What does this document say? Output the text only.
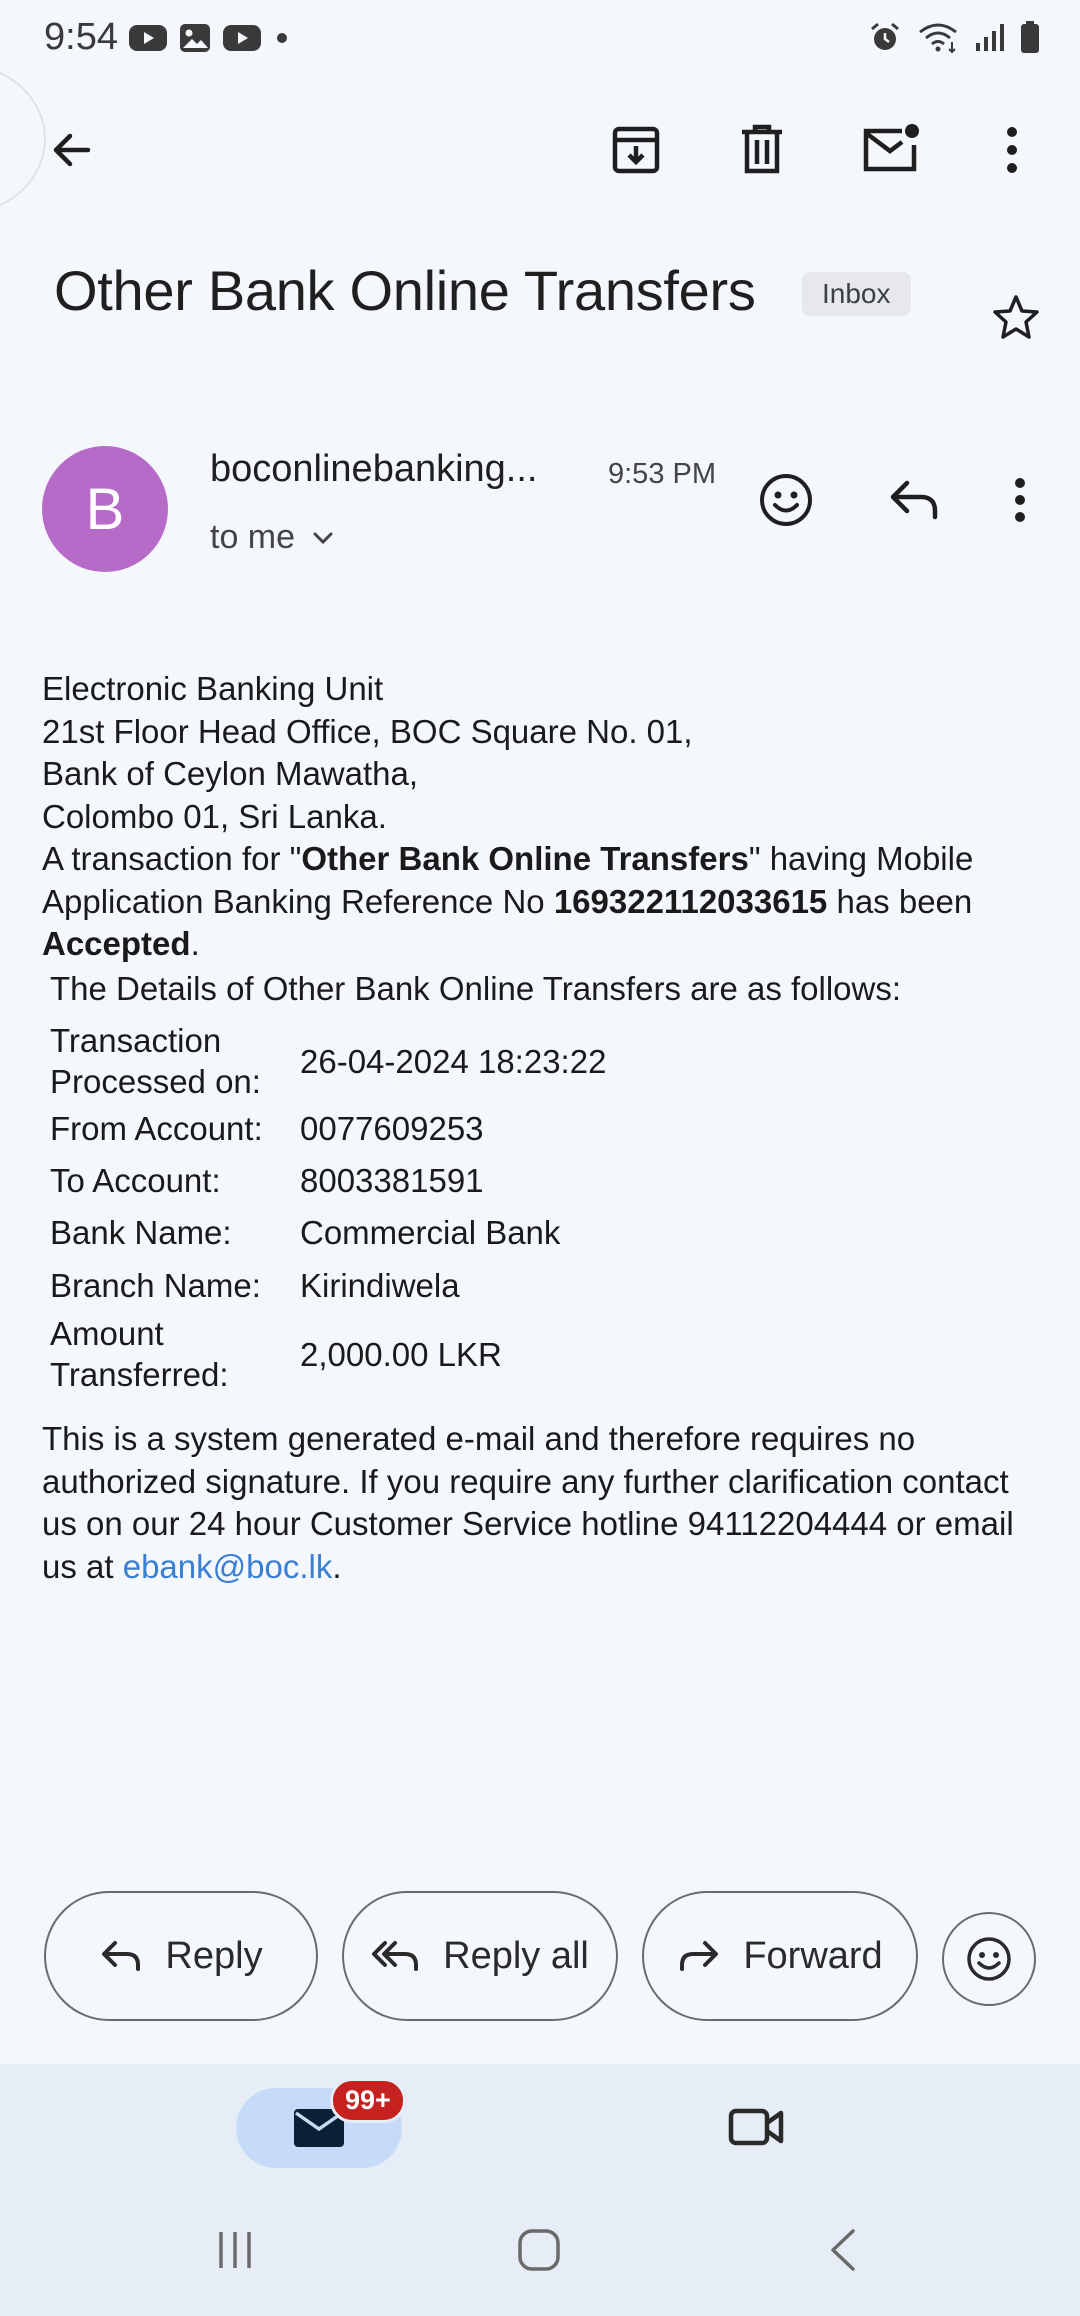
9:54
Other Bank Online Transfers	Inbox
B
boconlinebanking... 9:53 PM
to me
Electronic Banking Unit
21st Floor Head Office, BOC Square No. 01,
Bank of Ceylon Mawatha,
Colombo 01, Sri Lanka.
A transaction for "Other Bank Online Transfers" having Mobile Application Banking Reference No 169322112033615 has been Accepted.
The Details of Other Bank Online Transfers are as follows:
Transaction Processed on:
26-04-2024 18:23:22
From Account:	0077609253
To Account:	8003381591
Bank Name:	Commercial Bank
Branch Name:	Kirindiwela
Amount Transferred:
2,000.00 LKR
This is a system generated e-mail and therefore requires no authorized signature. If you require any further clarification contact us on our 24 hour Customer Service hotline 94112204444 or email us at ebank@boc.lk.
Reply	Reply all	Forward
99+
